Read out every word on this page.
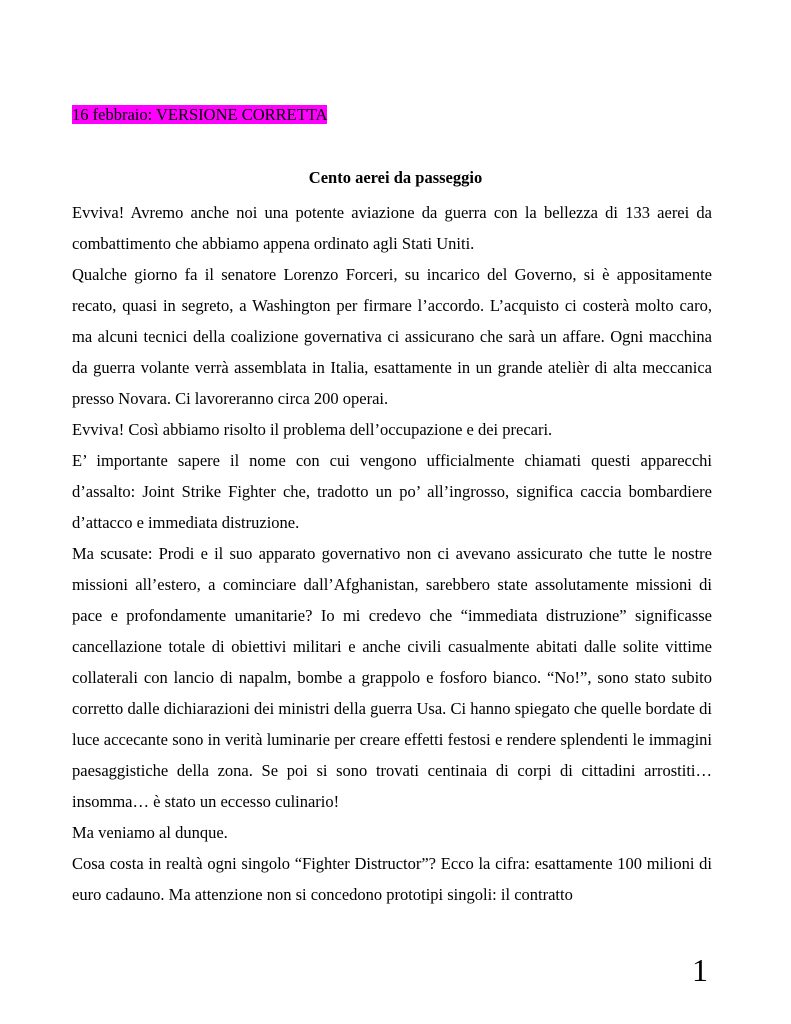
16 febbraio: VERSIONE CORRETTA
Cento aerei da passeggio

Evviva! Avremo anche noi una potente aviazione da guerra con la bellezza di 133 aerei da combattimento che abbiamo appena ordinato agli Stati Uniti.

Qualche giorno fa il senatore Lorenzo Forceri, su incarico del Governo, si è appositamente recato, quasi in segreto, a Washington per firmare l’accordo. L’acquisto ci costerà molto caro, ma alcuni tecnici della coalizione governativa ci assicurano che sarà un affare. Ogni macchina da guerra volante verrà assemblata in Italia, esattamente in un grande atelièr di alta meccanica presso Novara. Ci lavoreranno circa 200 operai.

Evviva! Così abbiamo risolto il problema dell’occupazione e dei precari.

E’ importante sapere il nome con cui vengono ufficialmente chiamati questi apparecchi d’assalto: Joint Strike Fighter che, tradotto un po’ all’ingrosso, significa caccia bombardiere d’attacco e immediata distruzione.

Ma scusate: Prodi e il suo apparato governativo non ci avevano assicurato che tutte le nostre missioni all’estero, a cominciare dall’Afghanistan, sarebbero state assolutamente missioni di pace e profondamente umanitarie? Io mi credevo che “immediata distruzione” significasse cancellazione totale di obiettivi militari e anche civili casualmente abitati dalle solite vittime collaterali con lancio di napalm, bombe a grappolo e fosforo bianco. “No!”, sono stato subito corretto dalle dichiarazioni dei ministri della guerra Usa. Ci hanno spiegato che quelle bordate di luce accecante sono in verità luminarie per creare effetti festosi e rendere splendenti le immagini paesaggistiche della zona. Se poi si sono trovati centinaia di corpi di cittadini arrostiti… insomma… è stato un eccesso culinario!

Ma veniamo al dunque.

Cosa costa in realtà ogni singolo “Fighter Distructor”? Ecco la cifra: esattamente 100 milioni di euro cadauno. Ma attenzione non si concedono prototipi singoli: il contratto

1
